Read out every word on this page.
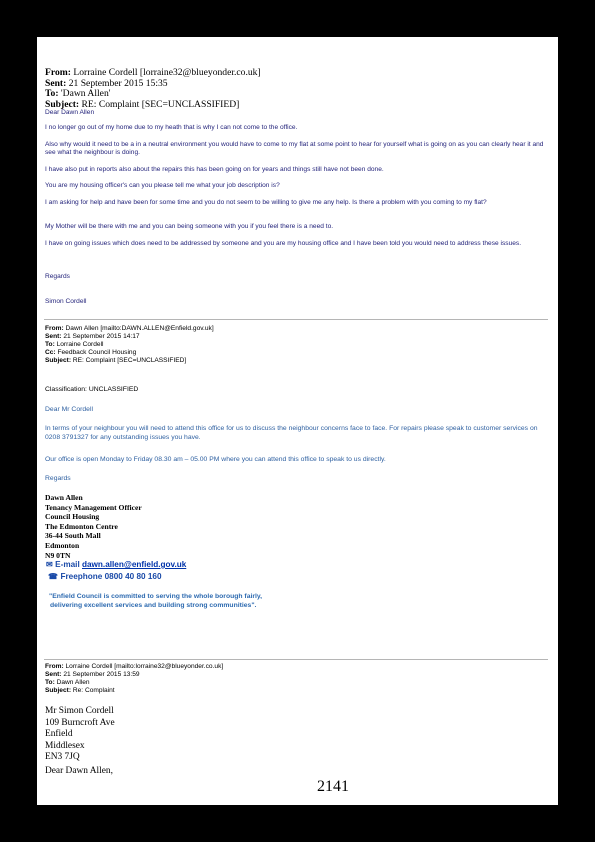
From: Lorraine Cordell [lorraine32@blueyonder.co.uk]
Sent: 21 September 2015 15:35
To: 'Dawn Allen'
Subject: RE: Complaint [SEC=UNCLASSIFIED]
Dear Dawn Allen
I no longer go out of my home due to my heath that is why I can not come to the office.
Also why would it need to be a in a neutral environment you would have to come to my flat at some point to hear for yourself what is going on as you can clearly hear it and see what the neighbour is doing.
I have also put in reports also about the repairs this has been going on for years and things still have not been done.
You are my housing officer's can you please tell me what your job description is?
I am asking for help and have been for some time and you do not seem to be willing to give me any help. Is there a problem with you coming to my flat?
My Mother will be there with me and you can being someone with you if you feel there is a need to.
I have on going issues which does need to be addressed by someone and you are my housing office and I have been told you would need to address these issues.
Regards
Simon Cordell
From: Dawn Allen [mailto:DAWN.ALLEN@Enfield.gov.uk]
Sent: 21 September 2015 14:17
To: Lorraine Cordell
Cc: Feedback Council Housing
Subject: RE: Complaint [SEC=UNCLASSIFIED]
Classification: UNCLASSIFIED
Dear Mr Cordell
In terms of your neighbour you will need to attend this office for us to discuss the neighbour concerns face to face. For repairs please speak to customer services on 0208 3791327 for any outstanding issues you have.
Our office is open Monday to Friday 08.30 am – 05.00 PM where you can attend this office to speak to us directly.
Regards
Dawn Allen
Tenancy Management Officer
Council Housing
The Edmonton Centre
36-44 South Mall
Edmonton
N9 0TN
✉ E-mail dawn.allen@enfield.gov.uk
☎ Freephone 0800 40 80 160
"Enfield Council is committed to serving the whole borough fairly,
delivering excellent services and building strong communities".
From: Lorraine Cordell [mailto:lorraine32@blueyonder.co.uk]
Sent: 21 September 2015 13:59
To: Dawn Allen
Subject: Re: Complaint
Mr Simon Cordell
109 Burncroft Ave
Enfield
Middlesex
EN3 7JQ
Dear Dawn Allen,
2141
